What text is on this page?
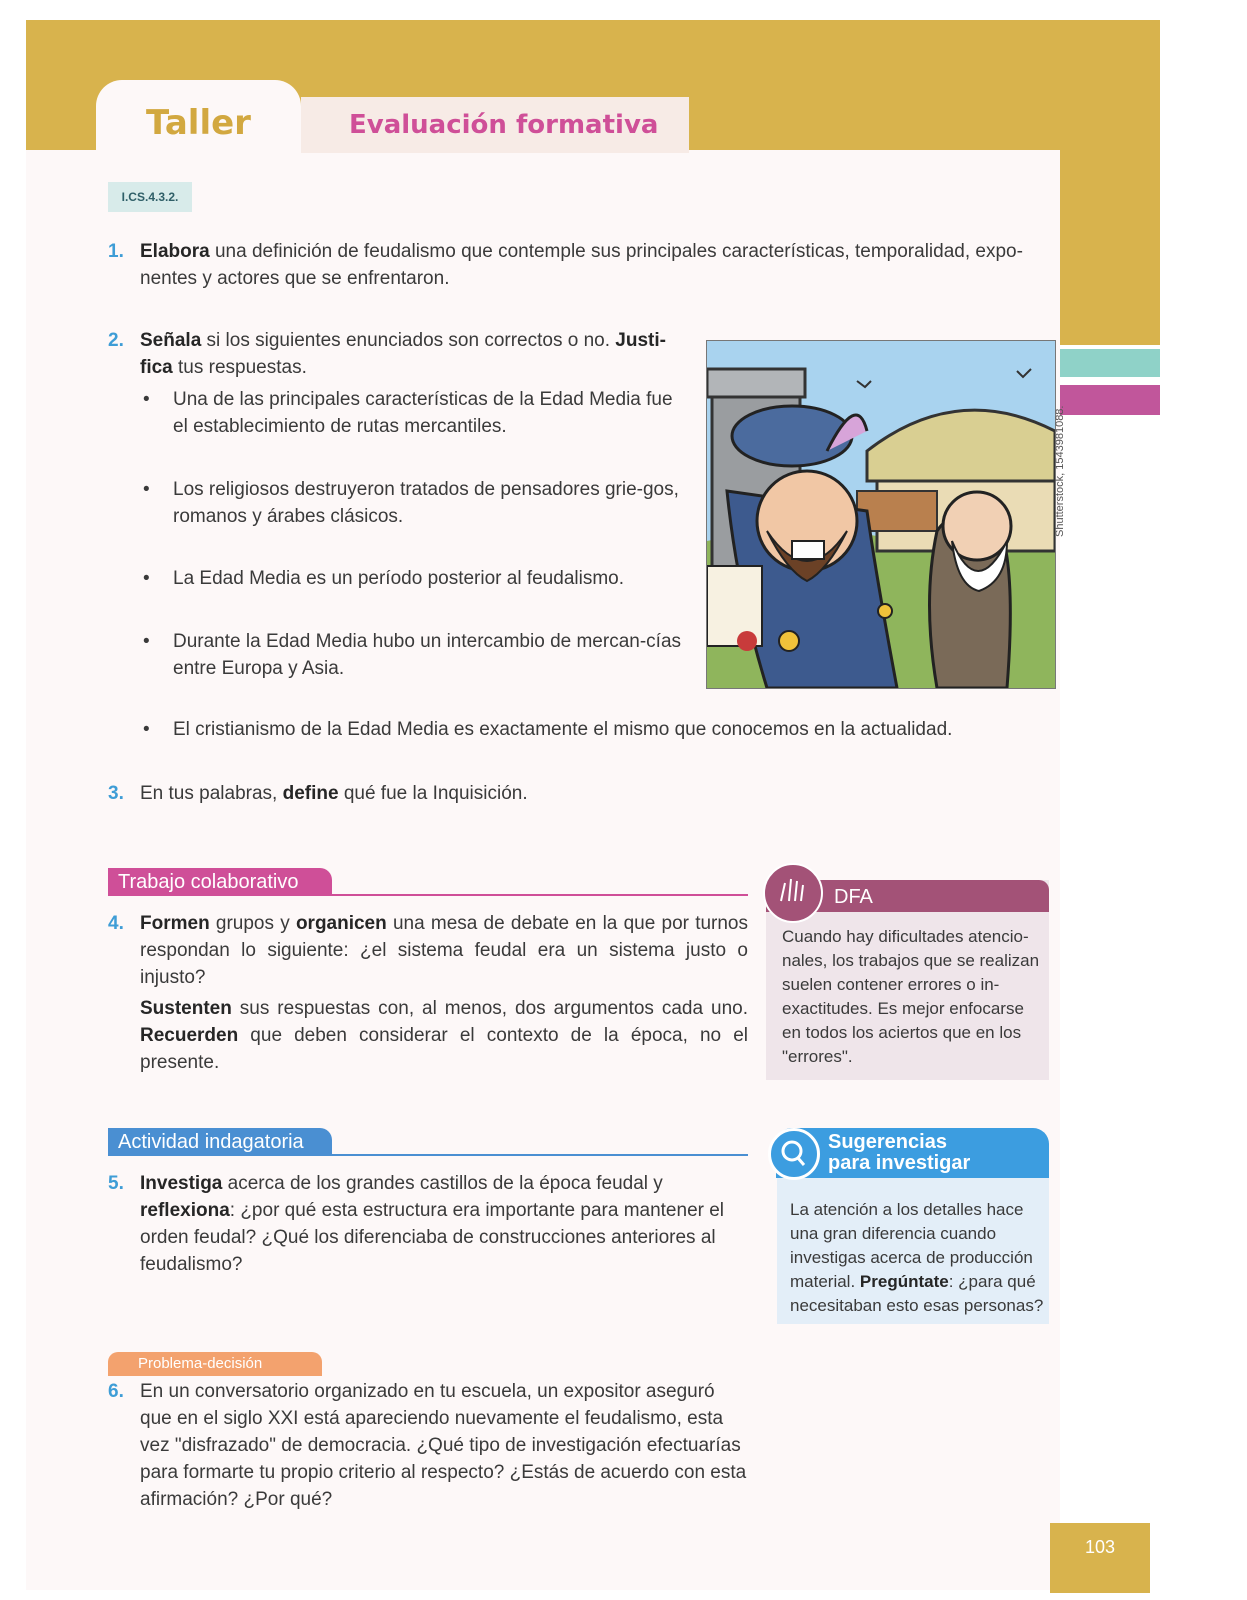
Taller	Evaluación formativa
I.CS.4.3.2.
1. Elabora una definición de feudalismo que contemple sus principales características, temporalidad, expo-
nentes y actores que se enfrentaron.
2. Señala si los siguientes enunciados son correctos o no. Justi-
fica tus respuestas.
• Una de las principales características de la Edad Media fue el establecimiento de rutas mercantiles.
• Los religiosos destruyeron tratados de pensadores grie-gos, romanos y árabes clásicos.
• La Edad Media es un período posterior al feudalismo.
• Durante la Edad Media hubo un intercambio de mercan-cías entre Europa y Asia.
• El cristianismo de la Edad Media es exactamente el mismo que conocemos en la actualidad.
Shutterstock, 1543981088.
3. En tus palabras, define qué fue la Inquisición.
Trabajo colaborativo
4. Formen grupos y organicen una mesa de debate en la que por turnos respondan lo siguiente: ¿el sistema feudal era un sistema justo o injusto?
Sustenten sus respuestas con, al menos, dos argumentos cada uno. Recuerden que deben considerar el contexto de la época, no el presente.
DFA
Cuando hay dificultades atencio-nales, los trabajos que se realizan suelen contener errores o in-exactitudes. Es mejor enfocarse en todos los aciertos que en los "errores".
Actividad indagatoria
5. Investiga acerca de los grandes castillos de la época feudal y reflexiona: ¿por qué esta estructura era importante para mantener el orden feudal? ¿Qué los diferenciaba de construcciones anteriores al feudalismo?
Sugerencias
para investigar
La atención a los detalles hace una gran diferencia cuando investigas acerca de producción material. Pregúntate: ¿para qué necesitaban esto esas personas?
Problema-decisión
6. En un conversatorio organizado en tu escuela, un expositor aseguró que en el siglo XXI está apareciendo nuevamente el feudalismo, esta vez "disfrazado" de democracia. ¿Qué tipo de investigación efectuarías para formarte tu propio criterio al respecto? ¿Estás de acuerdo con esta afirmación? ¿Por qué?
103
